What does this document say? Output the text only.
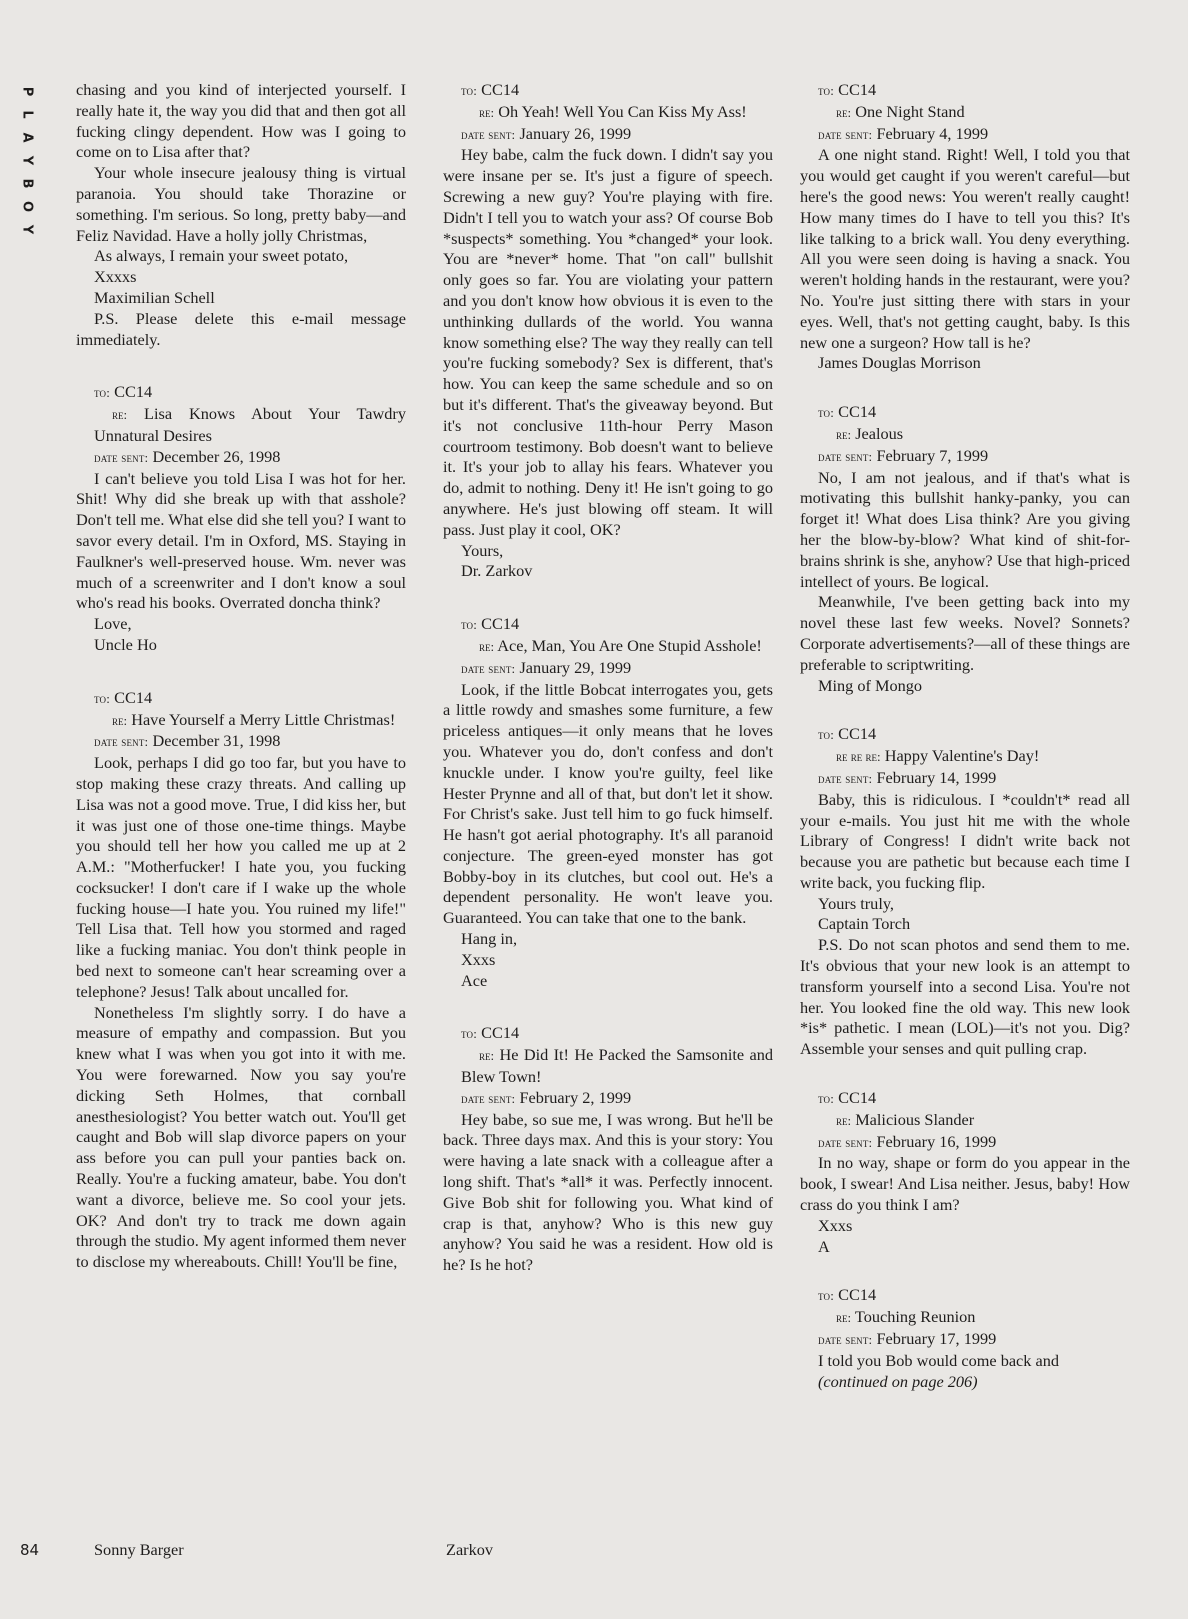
P
L
A
Y
B
O
Y

chasing and you kind of interjected yourself. I really hate it, the way you did that and then got all fucking clingy dependent. How was I going to come on to Lisa after that?

Your whole insecure jealousy thing is virtual paranoia. You should take Thorazine or something. I'm serious. So long, pretty baby—and Feliz Navidad. Have a holly jolly Christmas,

As always, I remain your sweet potato,

Xxxxs
Maximilian Schell

P.S. Please delete this e-mail message immediately.

to: CC14

re: Lisa Knows About Your Tawdry Unnatural Desires

date sent: December 26, 1998

I can't believe you told Lisa I was hot for her. Shit! Why did she break up with that asshole? Don't tell me. What else did she tell you? I want to savor every detail. I'm in Oxford, MS. Staying in Faulkner's well-preserved house. Wm. never was much of a screenwriter and I don't know a soul who's read his books. Overrated doncha think?

Love,
Uncle Ho
to: CC14

re: Have Yourself a Merry Little Christmas!

date sent: December 31, 1998

Look, perhaps I did go too far, but you have to stop making these crazy threats. And calling up Lisa was not a good move. True, I did kiss her, but it was just one of those one-time things. Maybe you should tell her how you called me up at 2 A.M.: "Motherfucker! I hate you, you fucking cocksucker! I don't care if I wake up the whole fucking house—I hate you. You ruined my life!" Tell Lisa that. Tell how you stormed and raged like a fucking maniac. You don't think people in bed next to someone can't hear screaming over a telephone? Jesus! Talk about uncalled for.

Nonetheless I'm slightly sorry. I do have a measure of empathy and compassion. But you knew what I was when you got into it with me. You were forewarned. Now you say you're dicking Seth Holmes, that cornball anesthesiologist? You better watch out. You'll get caught and Bob will slap divorce papers on your ass before you can pull your panties back on. Really. You're a fucking amateur, babe. You don't want a divorce, believe me. So cool your jets. OK? And don't try to track me down again through the studio. My agent informed them never to disclose my whereabouts. Chill! You'll be fine,

Sonny Barger
to: CC14

re: Oh Yeah! Well You Can Kiss My Ass!

date sent: January 26, 1999

Hey babe, calm the fuck down. I didn't say you were insane per se. It's just a figure of speech. Screwing a new guy? You're playing with fire. Didn't I tell you to watch your ass? Of course Bob *suspects* something. You *changed* your look. You are *never* home. That "on call" bullshit only goes so far. You are violating your pattern and you don't know how obvious it is even to the unthinking dullards of the world. You wanna know something else? The way they really can tell you're fucking somebody? Sex is different, that's how. You can keep the same schedule and so on but it's different. That's the giveaway beyond. But it's not conclusive 11th-hour Perry Mason courtroom testimony. Bob doesn't want to believe it. It's your job to allay his fears. Whatever you do, admit to nothing. Deny it! He isn't going to go anywhere. He's just blowing off steam. It will pass. Just play it cool, OK?

Yours,
Dr. Zarkov
to: CC14

re: Ace, Man, You Are One Stupid Asshole!

date sent: January 29, 1999

Look, if the little Bobcat interrogates you, gets a little rowdy and smashes some furniture, a few priceless antiques—it only means that he loves you. Whatever you do, don't confess and don't knuckle under. I know you're guilty, feel like Hester Prynne and all of that, but don't let it show. For Christ's sake. Just tell him to go fuck himself. He hasn't got aerial photography. It's all paranoid conjecture. The green-eyed monster has got Bobby-boy in its clutches, but cool out. He's a dependent personality. He won't leave you. Guaranteed. You can take that one to the bank.

Hang in,
Xxxs
Ace
to: CC14

re: He Did It! He Packed the Samsonite and Blew Town!

date sent: February 2, 1999

Hey babe, so sue me, I was wrong. But he'll be back. Three days max. And this is your story: You were having a late snack with a colleague after a long shift. That's *all* it was. Perfectly innocent. Give Bob shit for following you. What kind of crap is that, anyhow? Who is this new guy anyhow? You said he was a resident. How old is he? Is he hot?

Zarkov
to: CC14

re: One Night Stand

date sent: February 4, 1999

A one night stand. Right! Well, I told you that you would get caught if you weren't careful—but here's the good news: You weren't really caught! How many times do I have to tell you this? It's like talking to a brick wall. You deny everything. All you were seen doing is having a snack. You weren't holding hands in the restaurant, were you? No. You're just sitting there with stars in your eyes. Well, that's not getting caught, baby. Is this new one a surgeon? How tall is he?

James Douglas Morrison
to: CC14

re: Jealous

date sent: February 7, 1999

No, I am not jealous, and if that's what is motivating this bullshit hanky-panky, you can forget it! What does Lisa think? Are you giving her the blow-by-blow? What kind of shit-for-brains shrink is she, anyhow? Use that high-priced intellect of yours. Be logical.

Meanwhile, I've been getting back into my novel these last few weeks. Novel? Sonnets? Corporate advertisements?—all of these things are preferable to scriptwriting.

Ming of Mongo
to: CC14

re re re: Happy Valentine's Day!

date sent: February 14, 1999

Baby, this is ridiculous. I *couldn't* read all your e-mails. You just hit me with the whole Library of Congress! I didn't write back not because you are pathetic but because each time I write back, you fucking flip.

Yours truly,
Captain Torch

P.S. Do not scan photos and send them to me. It's obvious that your new look is an attempt to transform yourself into a second Lisa. You're not her. You looked fine the old way. This new look *is* pathetic. I mean (LOL)—it's not you. Dig? Assemble your senses and quit pulling crap.

to: CC14

re: Malicious Slander

date sent: February 16, 1999

In no way, shape or form do you appear in the book, I swear! And Lisa neither. Jesus, baby! How crass do you think I am?

Xxxs
A
to: CC14

re: Touching Reunion

date sent: February 17, 1999

I told you Bob would come back and

(continued on page 206)

84
